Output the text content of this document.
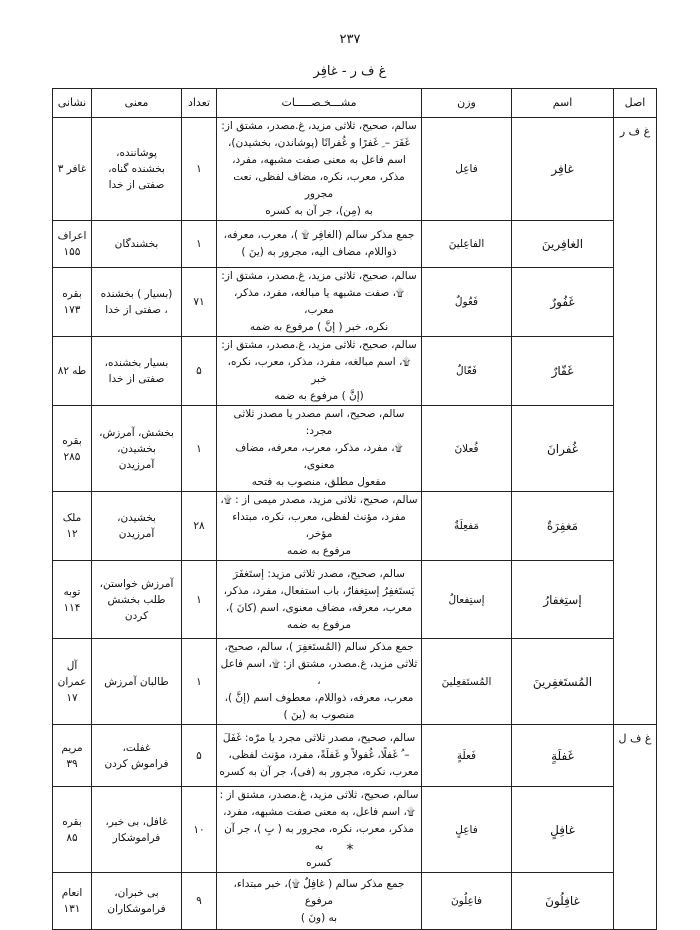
۲۳۷
غ ف ر - غافِر
اصل	اسم	وزن	مشـــخـصـــــات	تعداد	معنی	نشانی
غ ف ر	غافِر	فاعِل	سالم، صحیح، ثلاثی مزید، غ.مصدر، مشتق از:
غَفَرَ – ِ غَفرًا و غُفرانًا (پوشاندن، بخشیدن)،
اسم فاعل به معنی صفت مشبهه، مفرد،
مذکر، معرب، نکره، مضاف لفظی، نعت مجرور
به (مِن)، جر آن به کسره	۱	پوشاننده،
بخشنده گناه،
صفتی از خدا	غافر ۳

	الغافِرینَ	الفاعِلینَ	جمع مذکر سالم (الغافِر ۩ )، معرب، معرفه،
ذواللام، مضاف الیه، مجرور به (ینَ )	۱	بخشندگان	اعراف
۱۵۵

	غَفُورٌ	فَعُولٌ	سالم، صحیح، ثلاثی مزید، غ.مصدر، مشتق از:
۩، صفت مشبهه یا مبالغه، مفرد، مذکر، معرب،
نکره، خبر ( إنَّ ) مرفوع به ضمه	۷۱	(بسیار ) بخشنده
، صفتی از خدا	بقره
۱۷۳

	غَفّارٌ	فَعّالٌ	سالم، صحیح، ثلاثی مزید، غ.مصدر، مشتق از:
۩، اسم مبالغه، مفرد، مذکر، معرب، نکره، خبر
(إنَّ ) مرفوع به ضمه	۵	بسیار بخشنده،
صفتی از خدا	طه ۸۲

	غُفرانَ	فُعلانَ	سالم، صحیح، اسم مصدر یا مصدر ثلاثی مجرد:
۩، مفرد، مذکر، معرب، معرفه، مضاف معنوی،
مفعول مطلق، منصوب به فتحه	۱	بخشش، آمرزش،
بخشیدن،
آمرزیدن	بقره
۲۸۵

	مَغفِرَةٌ	مَفعِلَةٌ	سالم، صحیح، ثلاثی مزید، مصدر میمی از : ۩،
مفرد، مؤنث لفظی، معرب، نکره، مبتداء مؤخر،
مرفوع به ضمه	۲۸	بخشیدن،
آمرزیدن	ملک
۱۲

	إستِغفارُ	إستِفعالُ	سالم، صحیح، مصدر ثلاثی مزید: إستَغفَرَ
یَستَغفِرُ إستِغفارٌ، باب استفعال، مفرد، مذکر،
معرب، معرفه، مضاف معنوی، اسم (کانَ )،
مرفوع به ضمه	۱	آمرزش خواستن،
طلب بخشش
کردن	توبه
۱۱۴

	المُستَغفِرینَ	المُستَفعِلینَ	جمع مذکر سالم (المُستَغفِرَ )، سالم، صحیح،
ثلاثی مزید، غ.مصدر، مشتق از: ۩، اسم فاعل ،
معرب، معرفه، ذواللام، معطوف اسم (إنَّ )،
منصوب به (ینَ )	۱	طالبان آمرزش	آل عمران
۱۷

غ ف ل	غَفلَةٍ	فَعلَةٍ	سالم، صحیح، مصدر ثلاثی مجرد یا مرّه: غَفَلَ
– ُ غَفلًا، غُفولاً و غَفلَةً، مفرد، مؤنث لفظی،
معرب، نکره، مجرور به (فی)، جر آن به کسره	۵	غفلت،
فراموش کردن	مریم
۳۹

	غافِلٍ	فاعِلٍ	سالم، صحیح، ثلاثی مزید، غ.مصدر، مشتق از :
۩، اسم فاعل، به معنی صفت مشبهه، مفرد،
مذکر، معرب، نکره، مجرور به ( بِ )، جر آن به
کسره	۱۰	غافل، بی خبر،
فراموشکار	بقره
۸۵

	غافِلُونَ	فاعِلُونَ	جمع مذکر سالم ( غافِلٌ ۩)، خبر مبتداء، مرفوع
به (ونَ )	۹	بی خبران،
فراموشکاران	انعام
۱۳۱
*
